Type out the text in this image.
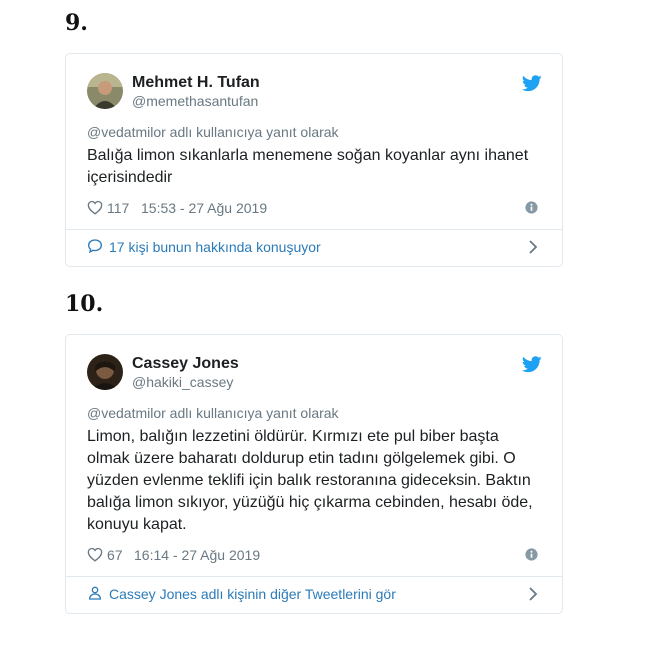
9.
Mehmet H. Tufan
@memethasantufan
@vedatmilor adlı kullanıcıya yanıt olarak
Balığa limon sıkanlarla menemene soğan koyanlar aynı ihanet içerisindedir
117 15:53 - 27 Ağu 2019
17 kişi bunun hakkında konuşuyor
10.
Cassey Jones
@hakiki_cassey
@vedatmilor adlı kullanıcıya yanıt olarak
Limon, balığın lezzetini öldürür. Kırmızı ete pul biber başta olmak üzere baharatı doldurup etin tadını gölgelemek gibi. O yüzden evlenme teklifi için balık restoranına gideceksin. Baktın balığa limon sıkıyor, yüzüğü hiç çıkarma cebinden, hesabı öde, konuyu kapat.
67 16:14 - 27 Ağu 2019
Cassey Jones adlı kişinin diğer Tweetlerini gör
